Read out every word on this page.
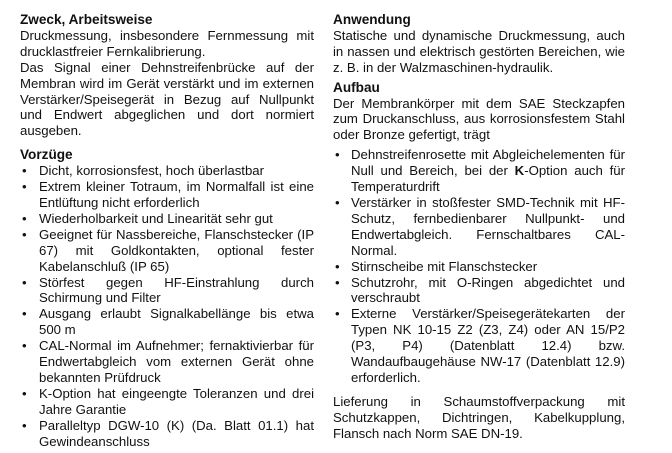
Zweck, Arbeitsweise

Druckmessung, insbesondere Fernmessung mit drucklastfreier Fernkalibrierung.

Das Signal einer Dehnstreifenbrücke auf der Membran wird im Gerät verstärkt und im externen Verstärker/Speisegerät in Bezug auf Nullpunkt und Endwert abgeglichen und dort normiert ausgeben.

Vorzüge
• Dicht, korrosionsfest, hoch überlastbar
• Extrem kleiner Totraum, im Normalfall ist eine Entlüftung nicht erforderlich
• Wiederholbarkeit und Linearität sehr gut
• Geeignet für Nassbereiche, Flanschstecker (IP 67) mit Goldkontakten, optional fester Kabelanschluß (IP 65)
• Störfest gegen HF-Einstrahlung durch Schirmung und Filter
• Ausgang erlaubt Signalkabellänge bis etwa 500 m
• CAL-Normal im Aufnehmer; fernaktivierbar für Endwertabgleich vom externen Gerät ohne bekannten Prüfdruck
• K-Option hat eingeengte Toleranzen und drei Jahre Garantie
• Paralleltyp DGW-10 (K) (Da. Blatt 01.1) hat Gewindeanschluss
Anwendung

Statische und dynamische Druckmessung, auch in nassen und elektrisch gestörten Bereichen, wie z. B. in der Walzmaschinen-hydraulik.

Aufbau

Der Membrankörper mit dem SAE Steckzapfen zum Druckanschluss, aus korrosionsfestem Stahl oder Bronze gefertigt, trägt

• Dehnstreifenrosette mit Abgleichelementen für Null und Bereich, bei der K-Option auch für Temperaturdrift
• Verstärker in stoßfester SMD-Technik mit HF-Schutz, fernbedienbarer Nullpunkt- und Endwertabgleich. Fernschaltbares CAL-Normal.
• Stirnscheibe mit Flanschstecker
• Schutzrohr, mit O-Ringen abgedichtet und verschraubt
• Externe Verstärker/Speisegerätekarten der Typen NK 10-15 Z2 (Z3, Z4) oder AN 15/P2 (P3, P4) (Datenblatt 12.4) bzw. Wandaufbaugehäuse NW-17 (Datenblatt 12.9) erforderlich.

Lieferung in Schaumstoffverpackung mit Schutzkappen, Dichtringen, Kabelkupplung, Flansch nach Norm SAE DN-19.
